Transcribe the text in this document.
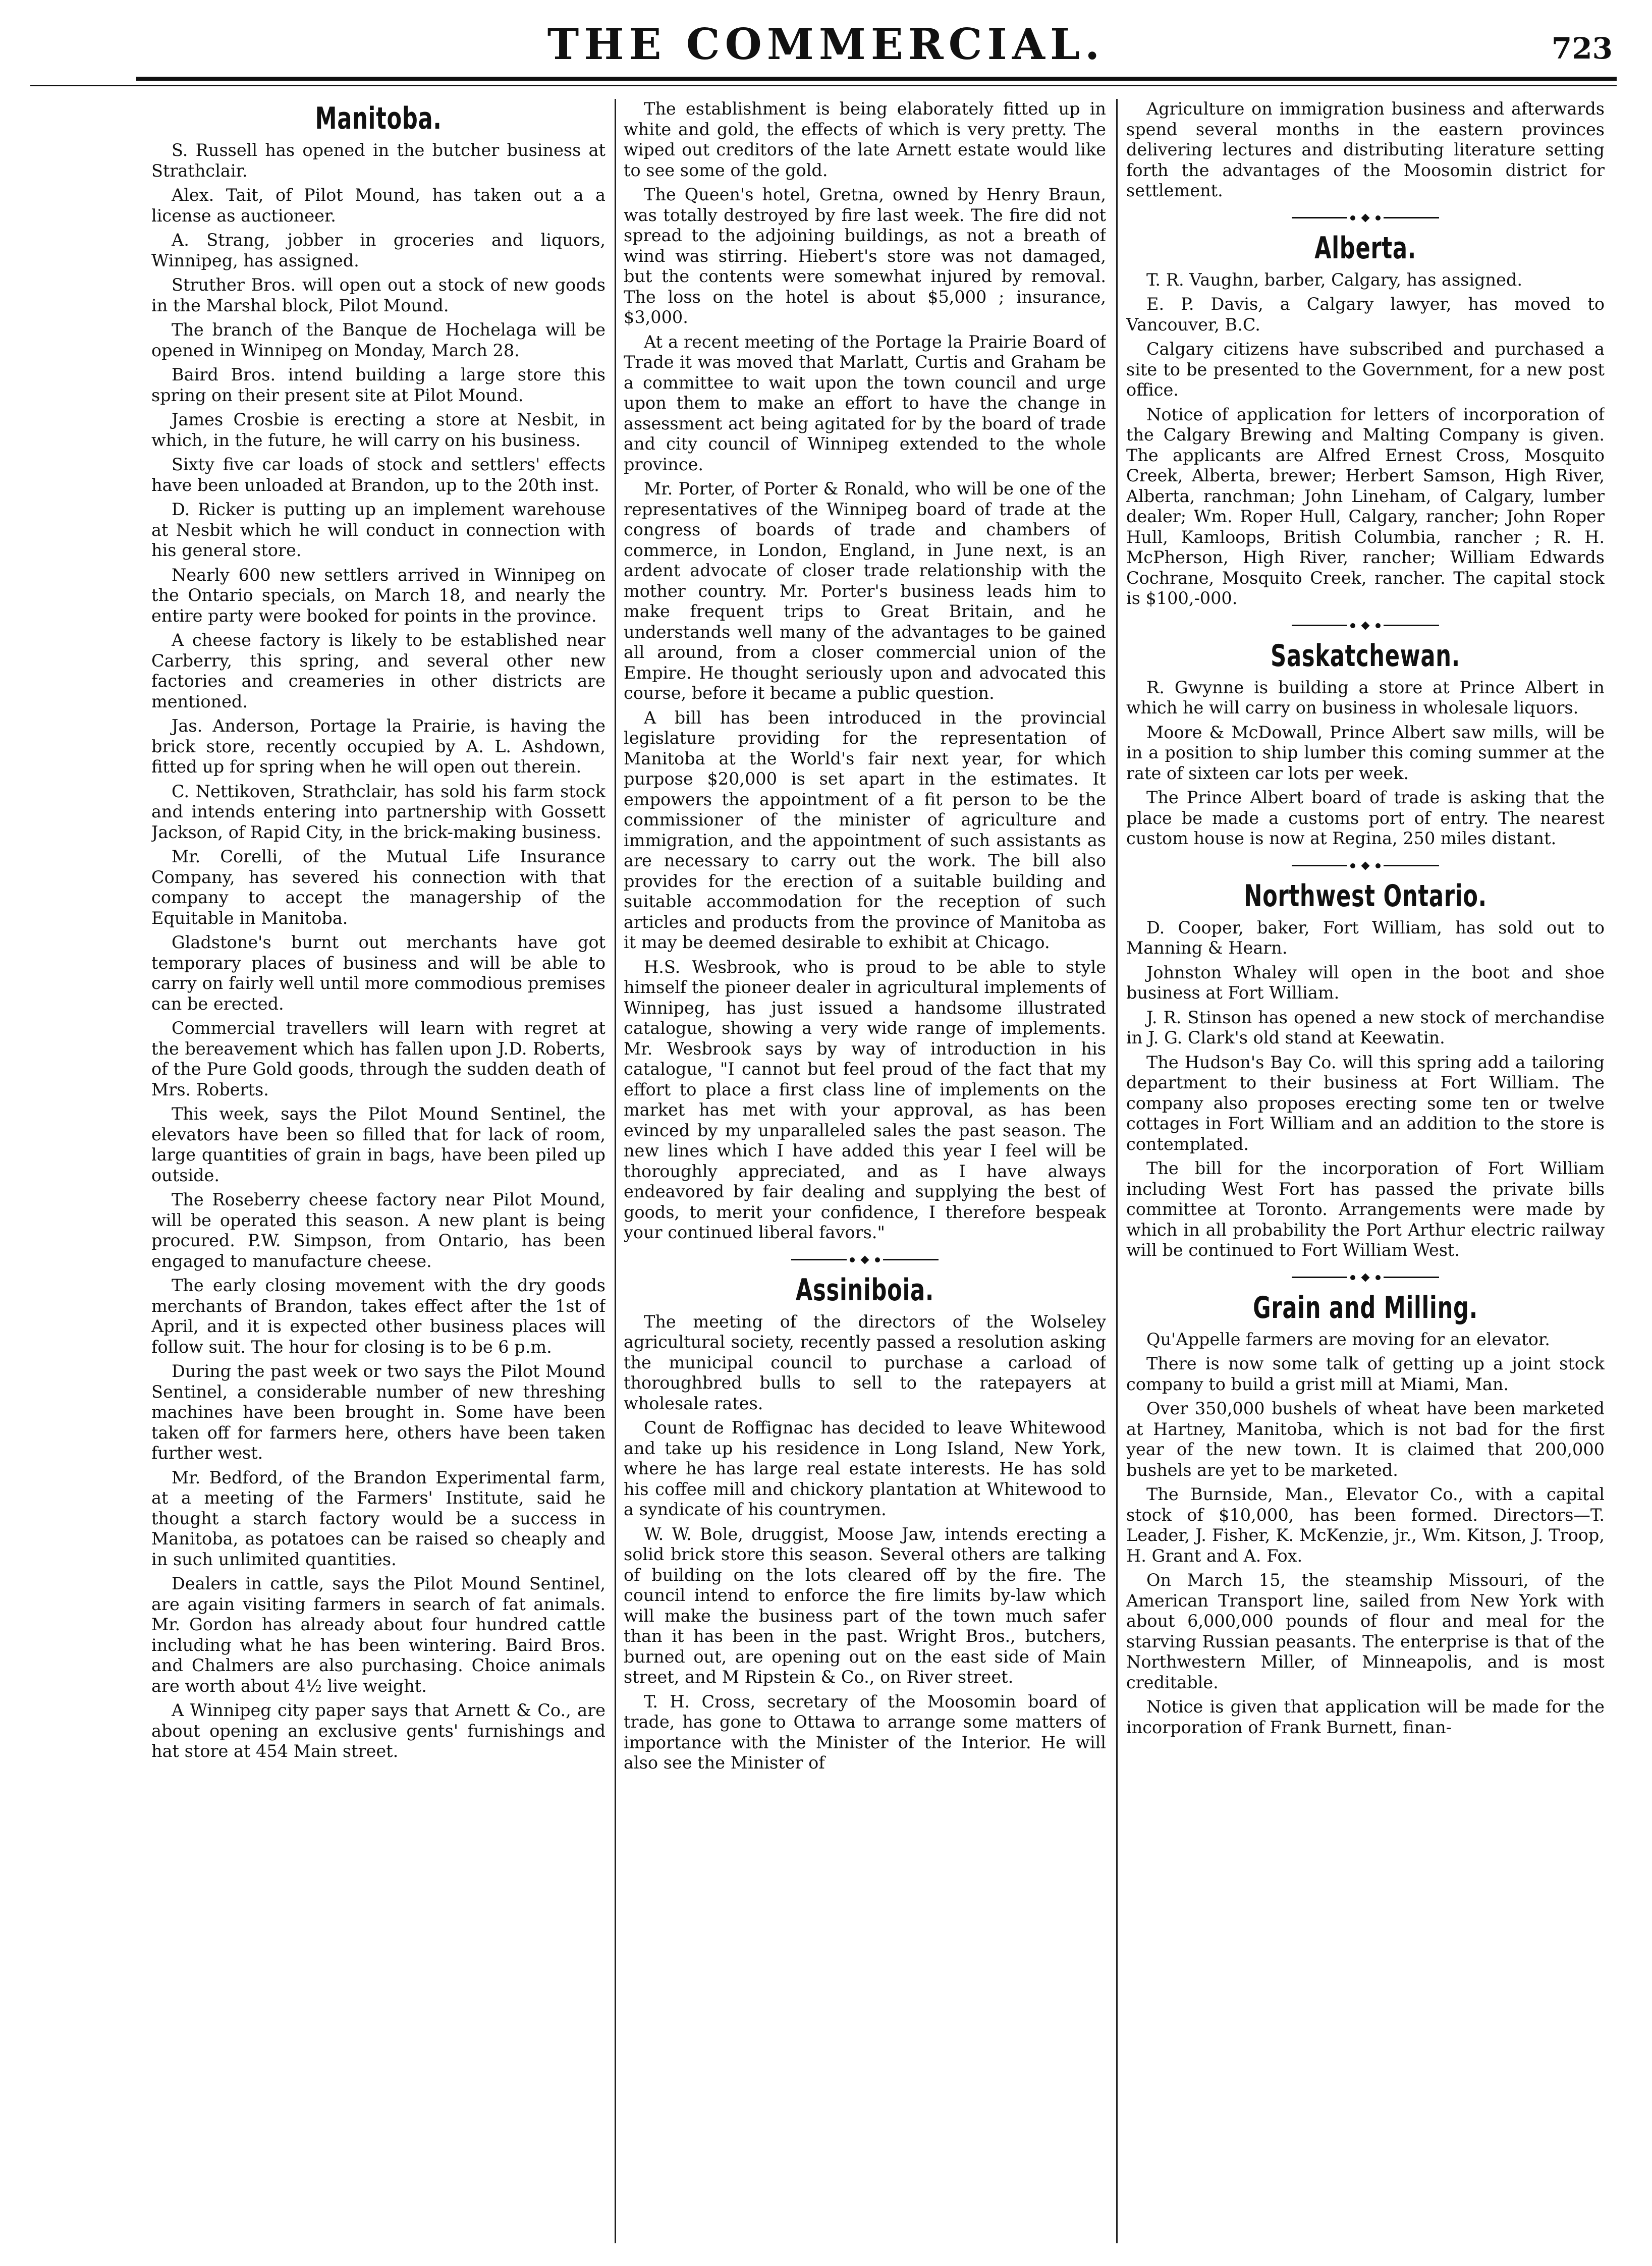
THE COMMERCIAL.	723
Manitoba.

S. Russell has opened in the butcher business at Strathclair.

Alex. Tait, of Pilot Mound, has taken out a a license as auctioneer.

A. Strang, jobber in groceries and liquors, Winnipeg, has assigned.

Struther Bros. will open out a stock of new goods in the Marshal block, Pilot Mound.

The branch of the Banque de Hochelaga will be opened in Winnipeg on Monday, March 28.

Baird Bros. intend building a large store this spring on their present site at Pilot Mound.

James Crosbie is erecting a store at Nesbit, in which, in the future, he will carry on his business.

Sixty five car loads of stock and settlers' effects have been unloaded at Brandon, up to the 20th inst.

D. Ricker is putting up an implement warehouse at Nesbit which he will conduct in connection with his general store.

Nearly 600 new settlers arrived in Winnipeg on the Ontario specials, on March 18, and nearly the entire party were booked for points in the province.

A cheese factory is likely to be established near Carberry, this spring, and several other new factories and creameries in other districts are mentioned.

Jas. Anderson, Portage la Prairie, is having the brick store, recently occupied by A. L. Ashdown, fitted up for spring when he will open out therein.

C. Nettikoven, Strathclair, has sold his farm stock and intends entering into partnership with Gossett Jackson, of Rapid City, in the brick-making business.

Mr. Corelli, of the Mutual Life Insurance Company, has severed his connection with that company to accept the managership of the Equitable in Manitoba.

Gladstone's burnt out merchants have got temporary places of business and will be able to carry on fairly well until more commodious premises can be erected.

Commercial travellers will learn with regret at the bereavement which has fallen upon J.D. Roberts, of the Pure Gold goods, through the sudden death of Mrs. Roberts.

This week, says the Pilot Mound Sentinel, the elevators have been so filled that for lack of room, large quantities of grain in bags, have been piled up outside.

The Roseberry cheese factory near Pilot Mound, will be operated this season. A new plant is being procured. P.W. Simpson, from Ontario, has been engaged to manufacture cheese.

The early closing movement with the dry goods merchants of Brandon, takes effect after the 1st of April, and it is expected other business places will follow suit. The hour for closing is to be 6 p.m.

During the past week or two says the Pilot Mound Sentinel, a considerable number of new threshing machines have been brought in. Some have been taken off for farmers here, others have been taken further west.

Mr. Bedford, of the Brandon Experimental farm, at a meeting of the Farmers' Institute, said he thought a starch factory would be a success in Manitoba, as potatoes can be raised so cheaply and in such unlimited quantities.

Dealers in cattle, says the Pilot Mound Sentinel, are again visiting farmers in search of fat animals. Mr. Gordon has already about four hundred cattle including what he has been wintering. Baird Bros. and Chalmers are also purchasing. Choice animals are worth about 4½ live weight.

A Winnipeg city paper says that Arnett & Co., are about opening an exclusive gents' furnishings and hat store at 454 Main street.

The establishment is being elaborately fitted up in white and gold, the effects of which is very pretty. The wiped out creditors of the late Arnett estate would like to see some of the gold.

The Queen's hotel, Gretna, owned by Henry Braun, was totally destroyed by fire last week. The fire did not spread to the adjoining buildings, as not a breath of wind was stirring. Hiebert's store was not damaged, but the contents were somewhat injured by removal. The loss on the hotel is about $5,000 ; insurance, $3,000.

At a recent meeting of the Portage la Prairie Board of Trade it was moved that Marlatt, Curtis and Graham be a committee to wait upon the town council and urge upon them to make an effort to have the change in assessment act being agitated for by the board of trade and city council of Winnipeg extended to the whole province.

Mr. Porter, of Porter & Ronald, who will be one of the representatives of the Winnipeg board of trade at the congress of boards of trade and chambers of commerce, in London, England, in June next, is an ardent advocate of closer trade relationship with the mother country. Mr. Porter's business leads him to make frequent trips to Great Britain, and he understands well many of the advantages to be gained all around, from a closer commercial union of the Empire. He thought seriously upon and advocated this course, before it became a public question.

A bill has been introduced in the provincial legislature providing for the representation of Manitoba at the World's fair next year, for which purpose $20,000 is set apart in the estimates. It empowers the appointment of a fit person to be the commissioner of the minister of agriculture and immigration, and the appointment of such assistants as are necessary to carry out the work. The bill also provides for the erection of a suitable building and suitable accommodation for the reception of such articles and products from the province of Manitoba as it may be deemed desirable to exhibit at Chicago.

H.S. Wesbrook, who is proud to be able to style himself the pioneer dealer in agricultural implements of Winnipeg, has just issued a handsome illustrated catalogue, showing a very wide range of implements. Mr. Wesbrook says by way of introduction in his catalogue, "I cannot but feel proud of the fact that my effort to place a first class line of implements on the market has met with your approval, as has been evinced by my unparalleled sales the past season. The new lines which I have added this year I feel will be thoroughly appreciated, and as I have always endeavored by fair dealing and supplying the best of goods, to merit your confidence, I therefore bespeak your continued liberal favors."

Assiniboia.

The meeting of the directors of the Wolseley agricultural society, recently passed a resolution asking the municipal council to purchase a carload of thoroughbred bulls to sell to the ratepayers at wholesale rates.

Count de Roffignac has decided to leave Whitewood and take up his residence in Long Island, New York, where he has large real estate interests. He has sold his coffee mill and chickory plantation at Whitewood to a syndicate of his countrymen.

W. W. Bole, druggist, Moose Jaw, intends erecting a solid brick store this season. Several others are talking of building on the lots cleared off by the fire. The council intend to enforce the fire limits by-law which will make the business part of the town much safer than it has been in the past. Wright Bros., butchers, burned out, are opening out on the east side of Main street, and M Ripstein & Co., on River street.

T. H. Cross, secretary of the Moosomin board of trade, has gone to Ottawa to arrange some matters of importance with the Minister of the Interior. He will also see the Minister of

Agriculture on immigration business and afterwards spend several months in the eastern provinces delivering lectures and distributing literature setting forth the advantages of the Moosomin district for settlement.

Alberta.

T. R. Vaughn, barber, Calgary, has assigned.

E. P. Davis, a Calgary lawyer, has moved to Vancouver, B.C.

Calgary citizens have subscribed and purchased a site to be presented to the Government, for a new post office.

Notice of application for letters of incorporation of the Calgary Brewing and Malting Company is given. The applicants are Alfred Ernest Cross, Mosquito Creek, Alberta, brewer; Herbert Samson, High River, Alberta, ranchman; John Lineham, of Calgary, lumber dealer; Wm. Roper Hull, Calgary, rancher; John Roper Hull, Kamloops, British Columbia, rancher ; R. H. McPherson, High River, rancher; William Edwards Cochrane, Mosquito Creek, rancher. The capital stock is $100,-000.

Saskatchewan.

R. Gwynne is building a store at Prince Albert in which he will carry on business in wholesale liquors.

Moore & McDowall, Prince Albert saw mills, will be in a position to ship lumber this coming summer at the rate of sixteen car lots per week.

The Prince Albert board of trade is asking that the place be made a customs port of entry. The nearest custom house is now at Regina, 250 miles distant.

Northwest Ontario.

D. Cooper, baker, Fort William, has sold out to Manning & Hearn.

Johnston Whaley will open in the boot and shoe business at Fort William.

J. R. Stinson has opened a new stock of merchandise in J. G. Clark's old stand at Keewatin.

The Hudson's Bay Co. will this spring add a tailoring department to their business at Fort William. The company also proposes erecting some ten or twelve cottages in Fort William and an addition to the store is contemplated.

The bill for the incorporation of Fort William including West Fort has passed the private bills committee at Toronto. Arrangements were made by which in all probability the Port Arthur electric railway will be continued to Fort William West.

Grain and Milling.

Qu'Appelle farmers are moving for an elevator.

There is now some talk of getting up a joint stock company to build a grist mill at Miami, Man.

Over 350,000 bushels of wheat have been marketed at Hartney, Manitoba, which is not bad for the first year of the new town. It is claimed that 200,000 bushels are yet to be marketed.

The Burnside, Man., Elevator Co., with a capital stock of $10,000, has been formed. Directors—T. Leader, J. Fisher, K. McKenzie, jr., Wm. Kitson, J. Troop, H. Grant and A. Fox.

On March 15, the steamship Missouri, of the American Transport line, sailed from New York with about 6,000,000 pounds of flour and meal for the starving Russian peasants. The enterprise is that of the Northwestern Miller, of Minneapolis, and is most creditable.

Notice is given that application will be made for the incorporation of Frank Burnett, finan-
